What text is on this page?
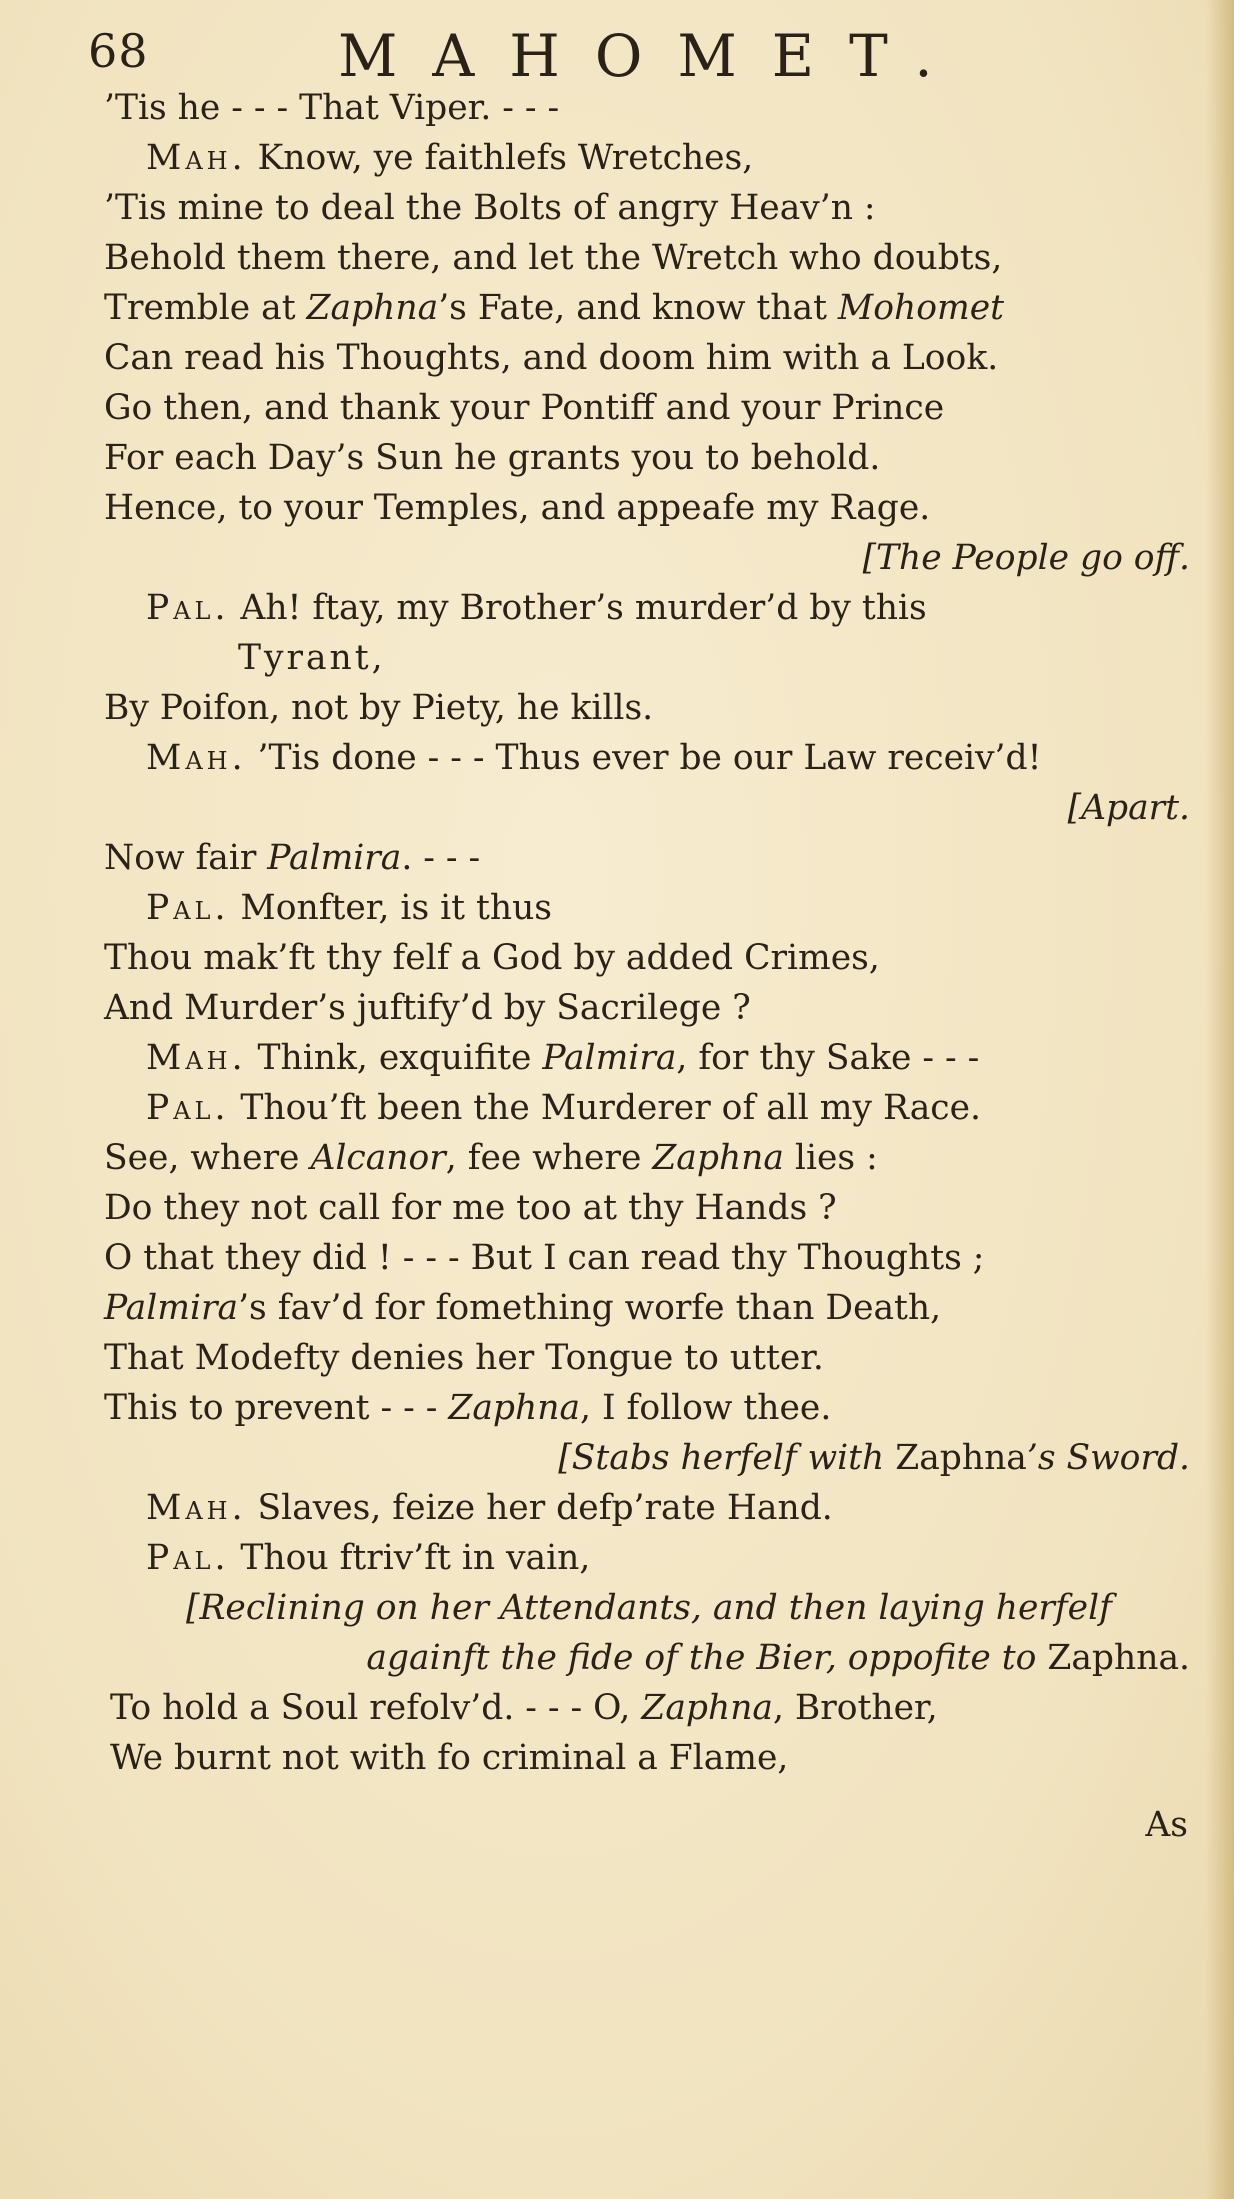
68	MAHOMET.
’Tis he - - - That Viper. - - -
Mah. Know, ye faithlefs Wretches,
’Tis mine to deal the Bolts of angry Heav’n :
Behold them there, and let the Wretch who doubts,
Tremble at Zaphna’s Fate, and know that Mohomet
Can read his Thoughts, and doom him with a Look.
Go then, and thank your Pontiff and your Prince
For each Day’s Sun he grants you to behold.
Hence, to your Temples, and appeafe my Rage.
[The People go off.
Pal. Ah! ftay, my Brother’s murder’d by this
Tyrant,
By Poifon, not by Piety, he kills.
Mah. ’Tis done - - - Thus ever be our Law receiv’d!
[Apart.
Now fair Palmira. - - -
Pal. Monfter, is it thus
Thou mak’ft thy felf a God by added Crimes,
And Murder’s juftify’d by Sacrilege ?
Mah. Think, exquifite Palmira, for thy Sake - - -
Pal. Thou’ft been the Murderer of all my Race.
See, where Alcanor, fee where Zaphna lies :
Do they not call for me too at thy Hands ?
O that they did ! - - - But I can read thy Thoughts ;
Palmira’s fav’d for fomething worfe than Death,
That Modefty denies her Tongue to utter.
This to prevent - - - Zaphna, I follow thee.
[Stabs herfelf with Zaphna’s Sword.
Mah. Slaves, feize her defp’rate Hand.
Pal. Thou ftriv’ft in vain,
[Reclining on her Attendants, and then laying herfelf
againft the fide of the Bier, oppofite to Zaphna.
To hold a Soul refolv’d. - - - O, Zaphna, Brother,
We burnt not with fo criminal a Flame,
As
